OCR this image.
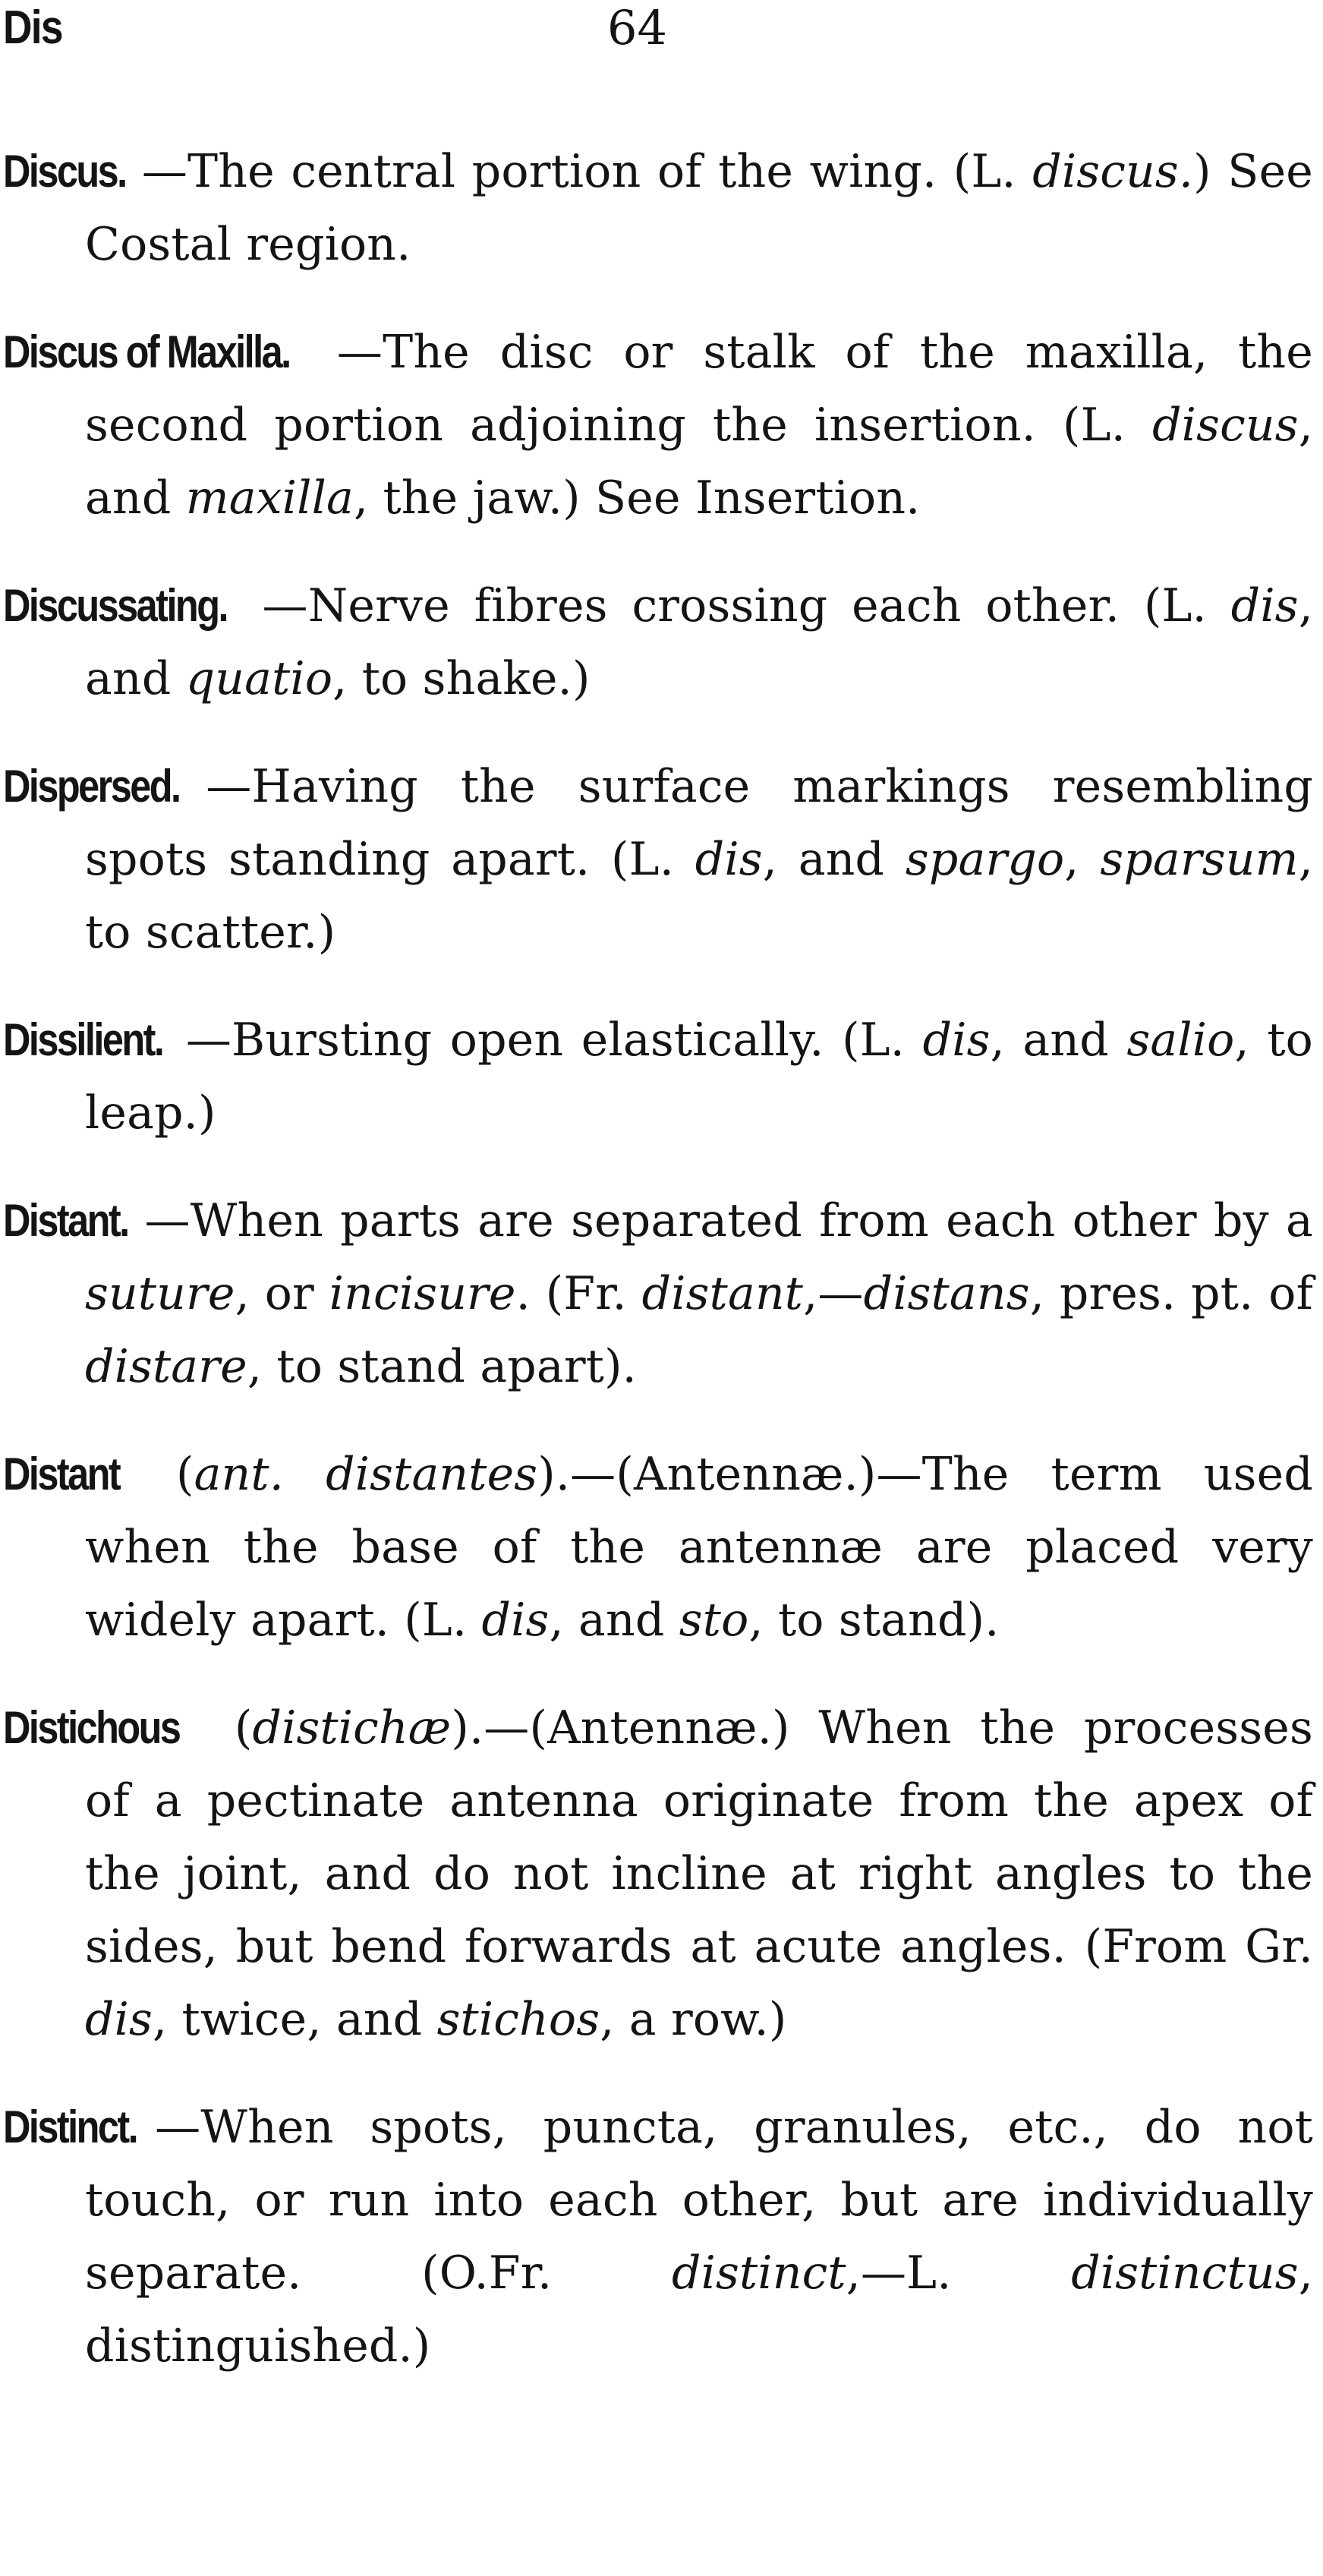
Dis	64

Discus. —The central portion of the wing. (L. discus.) See Costal region.

Discus of Maxilla. —The disc or stalk of the maxilla, the second portion adjoining the insertion. (L. discus, and maxilla, the jaw.) See Insertion.

Discussating. —Nerve fibres crossing each other. (L. dis, and quatio, to shake.)

Dispersed. —Having the surface markings resembling spots standing apart. (L. dis, and spargo, sparsum, to scatter.)

Dissilient. —Bursting open elastically. (L. dis, and salio, to leap.)

Distant. —When parts are separated from each other by a suture, or incisure. (Fr. distant,—distans, pres. pt. of distare, to stand apart).

Distant (ant. distantes).—(Antennæ.)—The term used when the base of the antennæ are placed very widely apart. (L. dis, and sto, to stand).

Distichous (distichæ).—(Antennæ.) When the processes of a pectinate antenna originate from the apex of the joint, and do not incline at right angles to the sides, but bend forwards at acute angles. (From Gr. dis, twice, and stichos, a row.)

Distinct. —When spots, puncta, granules, etc., do not touch, or run into each other, but are individually separate. (O.Fr. distinct,—L. distinctus, distinguished.)
